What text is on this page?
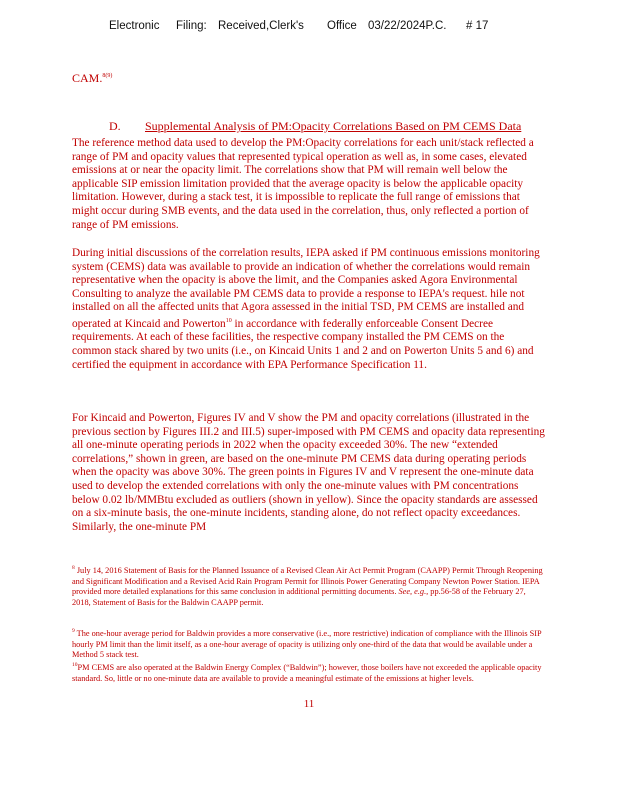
Electronic Filing: Received,Clerk's Office 03/22/2024P.C. # 17
CAM.$^{8(9)}$
D. Supplemental Analysis of PM:Opacity Correlations Based on PM CEMS Data

The reference method data used to develop the PM:Opacity correlations for each unit/stack reflected a range of PM and opacity values that represented typical operation as well as, in some cases, elevated emissions at or near the opacity limit. The correlations show that PM will remain well below the applicable SIP emission limitation provided that the average opacity is below the applicable opacity limitation. However, during a stack test, it is impossible to replicate the full range of emissions that might occur during SMB events, and the data used in the correlation, thus, only reflected a portion of range of PM emissions.

During initial discussions of the correlation results, IEPA asked if PM continuous emissions monitoring system (CEMS) data was available to provide an indication of whether the correlations would remain representative when the opacity is above the limit, and the Companies asked Agora Environmental Consulting to analyze the available PM CEMS data to provide a response to IEPA's request. hile not installed on all the affected units that Agora assessed in the initial TSD, PM CEMS are installed and operated at Kincaid and Powerton$^{10}$ in accordance with federally enforceable Consent Decree requirements. At each of these facilities, the respective company installed the PM CEMS on the common stack shared by two units (i.e., on Kincaid Units 1 and 2 and on Powerton Units 5 and 6) and certified the equipment in accordance with EPA Performance Specification 11.

For Kincaid and Powerton, Figures IV and V show the PM and opacity correlations (illustrated in the previous section by Figures III.2 and III.5) super-imposed with PM CEMS and opacity data representing all one-minute operating periods in 2022 when the opacity exceeded 30%. The new “extended correlations,” shown in green, are based on the one-minute PM CEMS data during operating periods when the opacity was above 30%. The green points in Figures IV and V represent the one-minute data used to develop the extended correlations with only the one-minute values with PM concentrations below 0.02 lb/MMBtu excluded as outliers (shown in yellow). Since the opacity standards are assessed on a six-minute basis, the one-minute incidents, standing alone, do not reflect opacity exceedances. Similarly, the one-minute PM

$^8$ July 14, 2016 Statement of Basis for the Planned Issuance of a Revised Clean Air Act Permit Program (CAAPP) Permit Through Reopening and Significant Modification and a Revised Acid Rain Program Permit for Illinois Power Generating Company Newton Power Station. IEPA provided more detailed explanations for this same conclusion in additional permitting documents. See, e.g., pp.56-58 of the February 27, 2018, Statement of Basis for the Baldwin CAAPP permit.

$^9$ The one-hour average period for Baldwin provides a more conservative (i.e., more restrictive) indication of compliance with the Illinois SIP hourly PM limit than the limit itself, as a one-hour average of opacity is utilizing only one-third of the data that would be available under a Method 5 stack test.

$^{10}$PM CEMS are also operated at the Baldwin Energy Complex (“Baldwin”); however, those boilers have not exceeded the applicable opacity standard. So, little or no one-minute data are available to provide a meaningful estimate of the emissions at higher levels.

11
